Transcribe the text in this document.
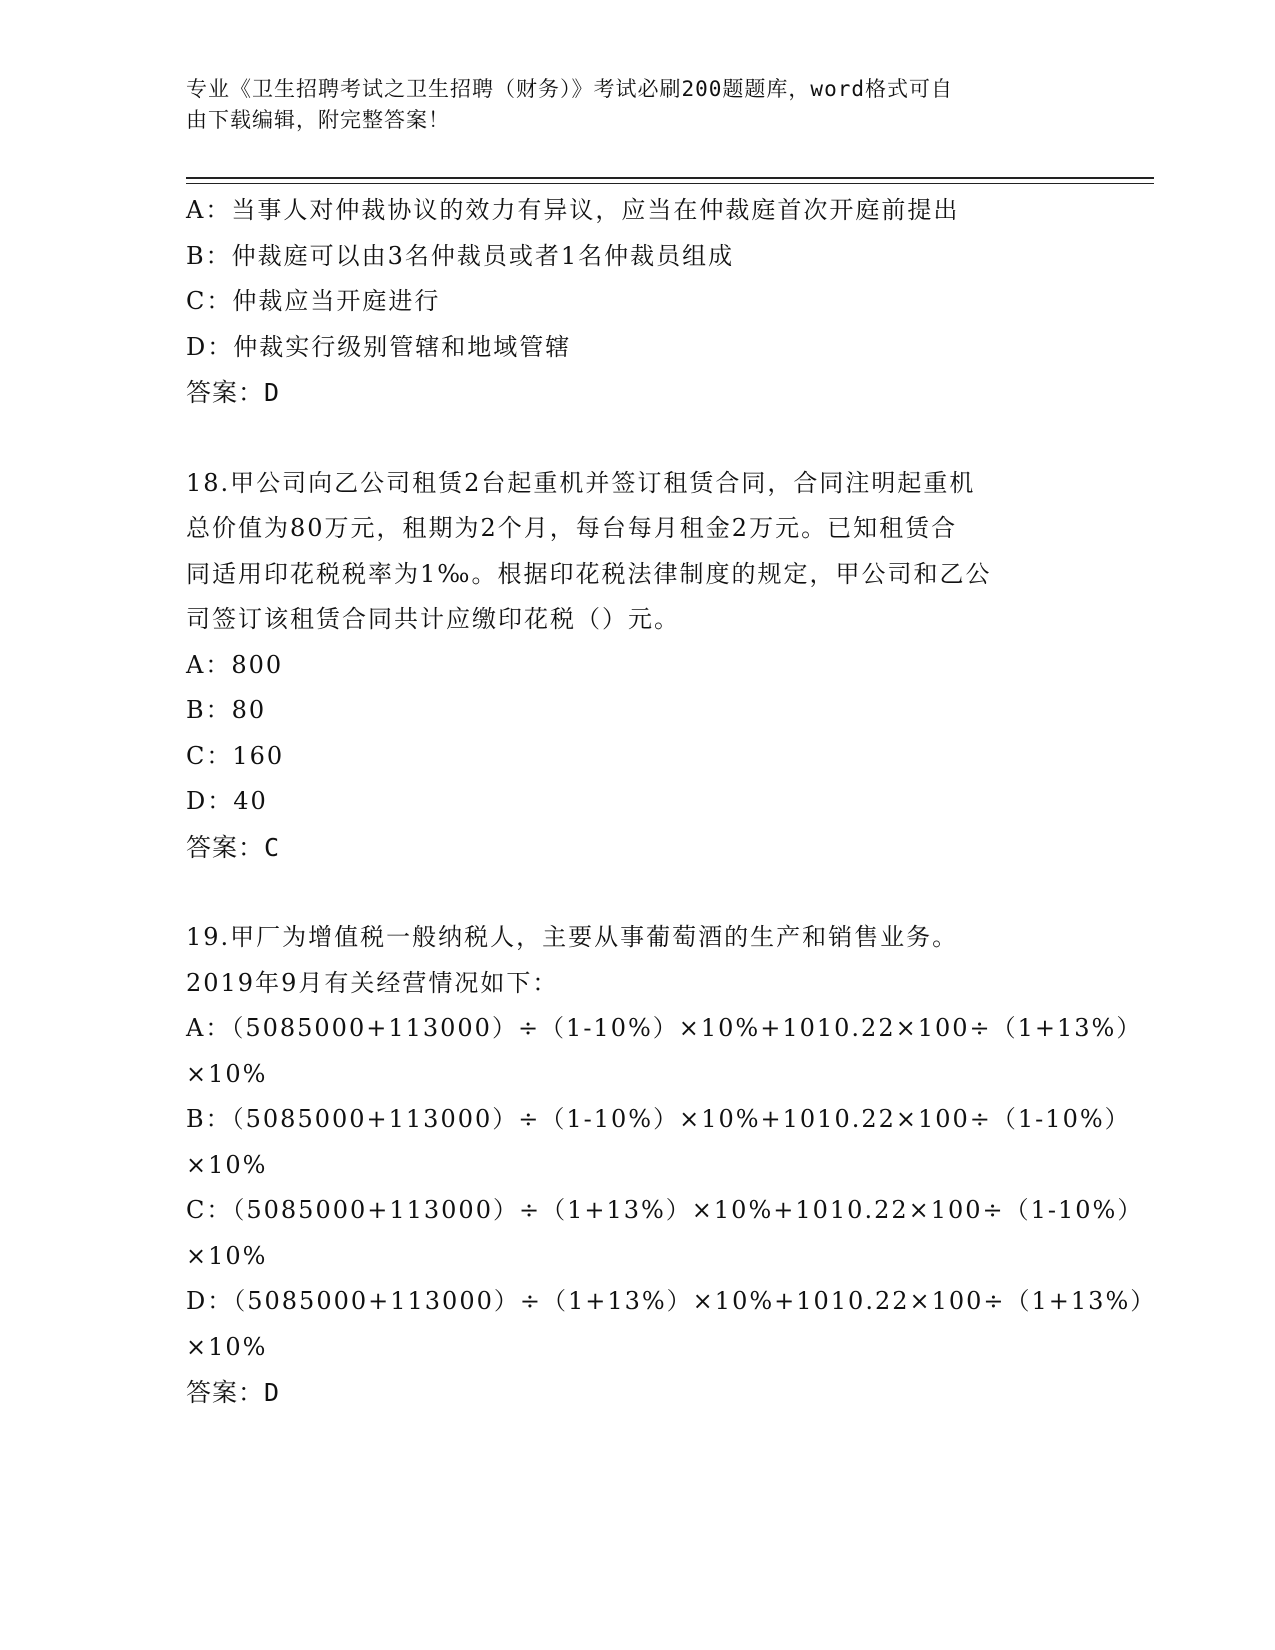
专业《卫生招聘考试之卫生招聘（财务）》考试必刷200题题库，word格式可自
由下载编辑，附完整答案！
A：当事人对仲裁协议的效力有异议，应当在仲裁庭首次开庭前提出
B：仲裁庭可以由3名仲裁员或者1名仲裁员组成
C：仲裁应当开庭进行
D：仲裁实行级别管辖和地域管辖
答案：D
18.甲公司向乙公司租赁2台起重机并签订租赁合同，合同注明起重机
总价值为80万元，租期为2个月，每台每月租金2万元。已知租赁合
同适用印花税税率为1‰。根据印花税法律制度的规定，甲公司和乙公
司签订该租赁合同共计应缴印花税（）元。
A：800
B：80
C：160
D：40
答案：C
19.甲厂为增值税一般纳税人，主要从事葡萄酒的生产和销售业务。
2019年9月有关经营情况如下：
A：（5085000+113000）÷（1-10%）×10%+1010.22×100÷（1+13%）
×10%
B：（5085000+113000）÷（1-10%）×10%+1010.22×100÷（1-10%）
×10%
C：（5085000+113000）÷（1+13%）×10%+1010.22×100÷（1-10%）
×10%
D：（5085000+113000）÷（1+13%）×10%+1010.22×100÷（1+13%）
×10%
答案：D
